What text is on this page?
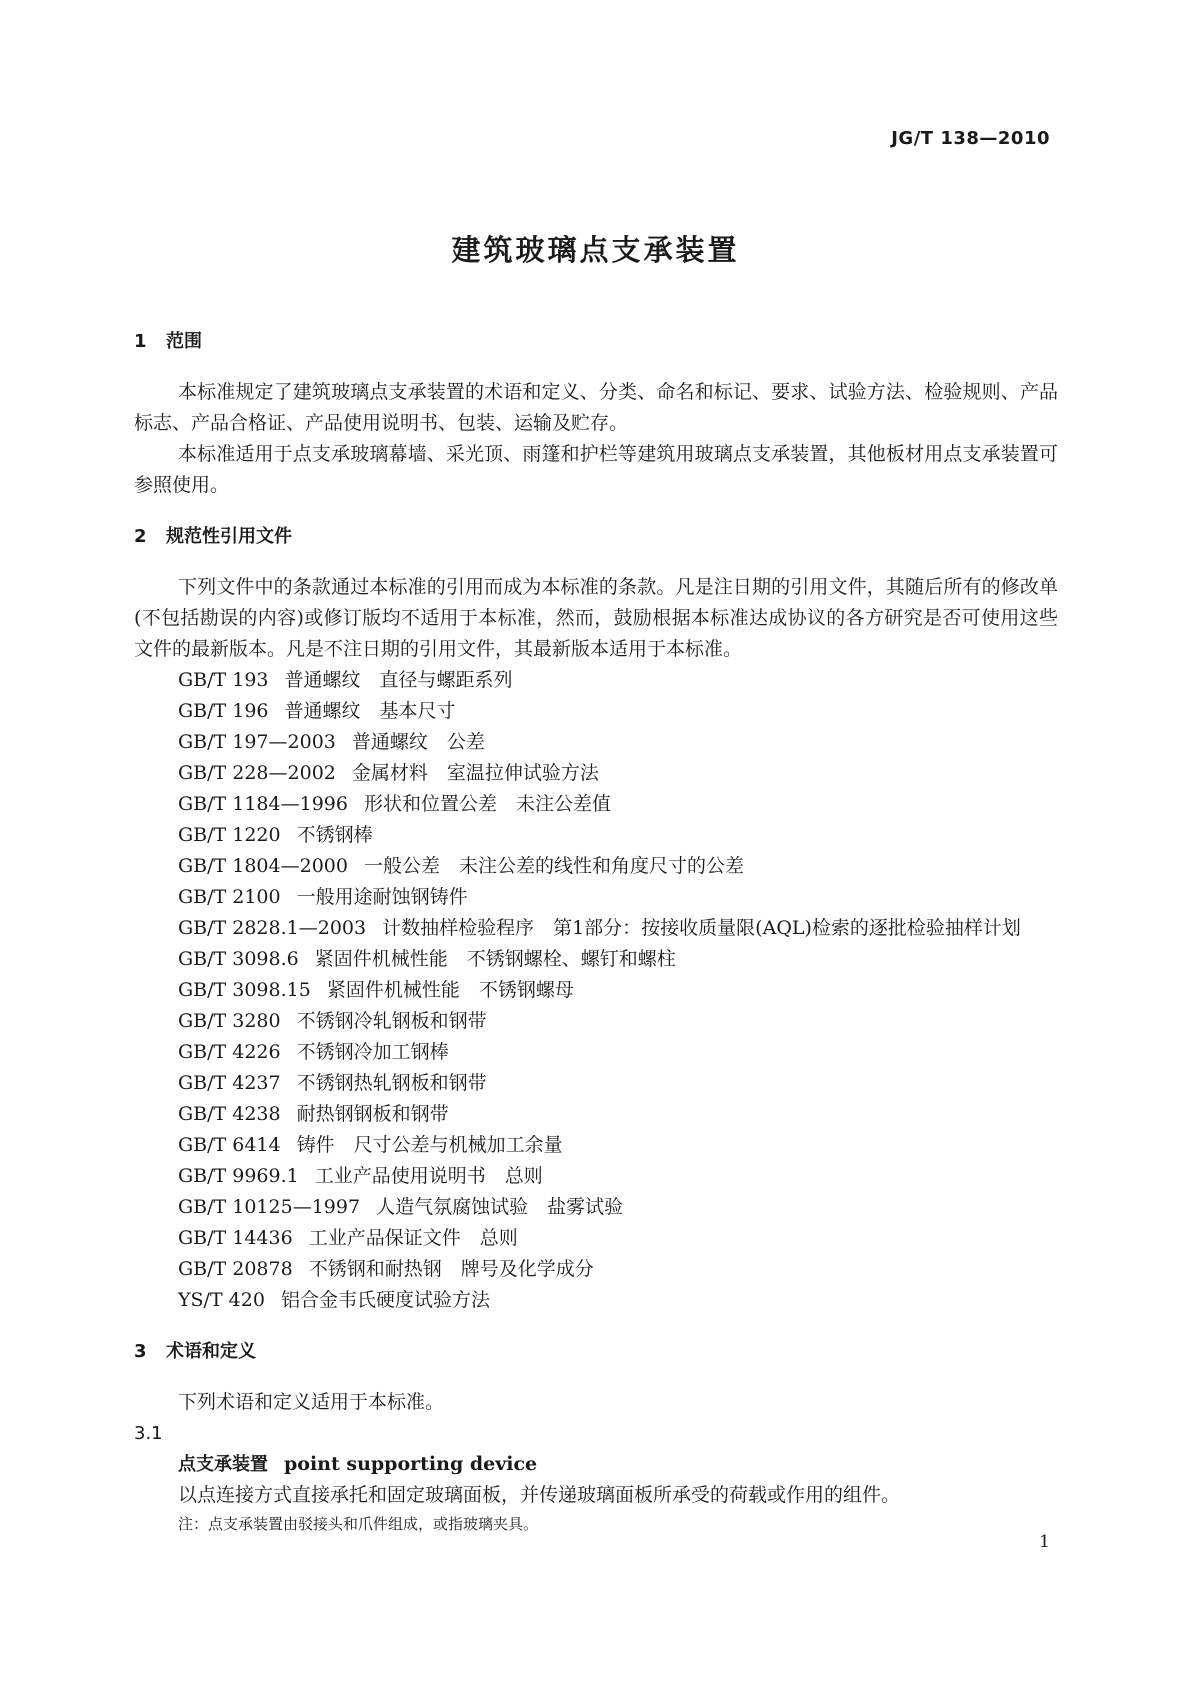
JG/T 138—2010
建筑玻璃点支承装置
1 范围

本标准规定了建筑玻璃点支承装置的术语和定义、分类、命名和标记、要求、试验方法、检验规则、产品标志、产品合格证、产品使用说明书、包装、运输及贮存。

本标准适用于点支承玻璃幕墙、采光顶、雨篷和护栏等建筑用玻璃点支承装置，其他板材用点支承装置可参照使用。

2 规范性引用文件

下列文件中的条款通过本标准的引用而成为本标准的条款。凡是注日期的引用文件，其随后所有的修改单(不包括勘误的内容)或修订版均不适用于本标准，然而，鼓励根据本标准达成协议的各方研究是否可使用这些文件的最新版本。凡是不注日期的引用文件，其最新版本适用于本标准。

GB/T 193 普通螺纹　直径与螺距系列
GB/T 196 普通螺纹　基本尺寸
GB/T 197—2003 普通螺纹　公差
GB/T 228—2002 金属材料　室温拉伸试验方法
GB/T 1184—1996 形状和位置公差　未注公差值
GB/T 1220 不锈钢棒
GB/T 1804—2000 一般公差　未注公差的线性和角度尺寸的公差
GB/T 2100 一般用途耐蚀钢铸件
GB/T 2828.1—2003 计数抽样检验程序　第1部分：按接收质量限(AQL)检索的逐批检验抽样计划
GB/T 3098.6 紧固件机械性能　不锈钢螺栓、螺钉和螺柱
GB/T 3098.15 紧固件机械性能　不锈钢螺母
GB/T 3280 不锈钢冷轧钢板和钢带
GB/T 4226 不锈钢冷加工钢棒
GB/T 4237 不锈钢热轧钢板和钢带
GB/T 4238 耐热钢钢板和钢带
GB/T 6414 铸件　尺寸公差与机械加工余量
GB/T 9969.1 工业产品使用说明书　总则
GB/T 10125—1997 人造气氛腐蚀试验　盐雾试验
GB/T 14436 工业产品保证文件　总则
GB/T 20878 不锈钢和耐热钢　牌号及化学成分
YS/T 420 铝合金韦氏硬度试验方法
3 术语和定义

下列术语和定义适用于本标准。

3.1

点支承装置 point supporting device

以点连接方式直接承托和固定玻璃面板，并传递玻璃面板所承受的荷载或作用的组件。

注：点支承装置由驳接头和爪件组成，或指玻璃夹具。

1
